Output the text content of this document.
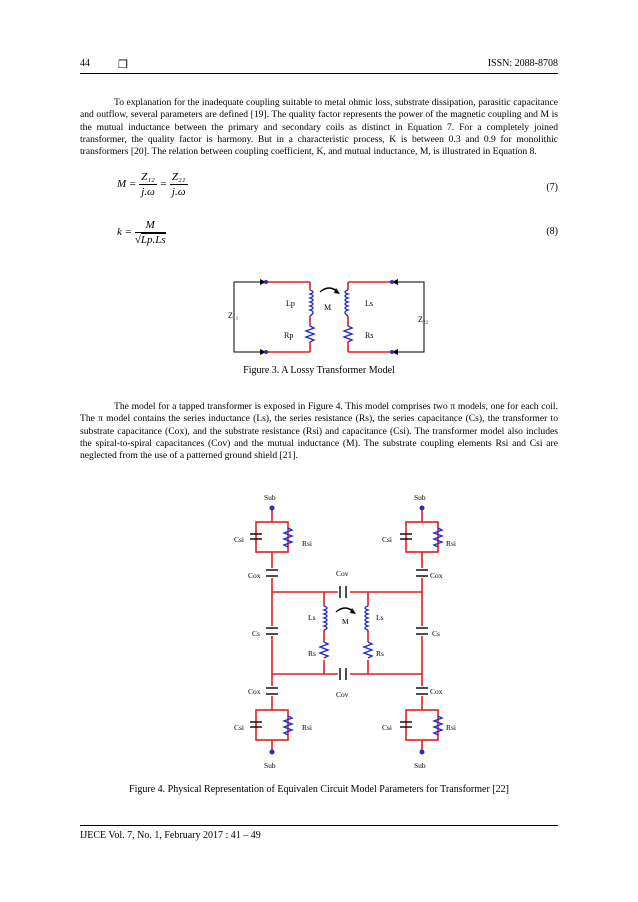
44	❒	ISSN: 2088-8708

To explanation for the inadequate coupling suitable to metal ohmic loss, substrate dissipation, parasitic capacitance and outflow, several parameters are defined [19]. The quality factor represents the power of the magnetic coupling and M is the mutual inductance between the primary and secondary coils as distinct in Equation 7. For a completely joined transformer, the quality factor is harmony. But in a characteristic process, K is between 0.3 and 0.9 for monolithic transformers [20]. The relation between coupling coefficient, K, and mutual inductance, M, is illustrated in Equation 8.

$M = \frac{\text{Z₁₂}}{j.\omega} = \frac{\text{Z₂₁}}{j.\omega}$	(7)
$k = \frac{M}{√Lp.Ls}$	(8)
Z₁₁	Z₂₂
Lp	Ls
M
Rp	Rs
Figure 3. A Lossy Transformer Model

The model for a tapped transformer is exposed in Figure 4. This model comprises two π models, one for each coil. The π model contains the series inductance (Ls), the series resistance (Rs), the series capacitance (Cs), the transformer to substrate capacitance (Cox), and the substrate resistance (Rsi) and capacitance (Csi). The transformer model also includes the spiral-to-spiral capacitances (Cov) and the mutual inductance (M). The substrate coupling elements Rsi and Csi are neglected from the use of a patterned ground shield [21].

Sub	Sub
Sub	Sub
Csi	Csi
Csi	Csi
Rsi	Rsi
Rsi	Rsi
Cox	Cox
Cox	Cox
Cov
Cov
Cs	Cs
Ls	Ls
M
Rs	Rs
Figure 4. Physical Representation of Equivalen Circuit Model Parameters for Transformer [22]
IJECE Vol. 7, No. 1, February 2017 : 41 – 49
